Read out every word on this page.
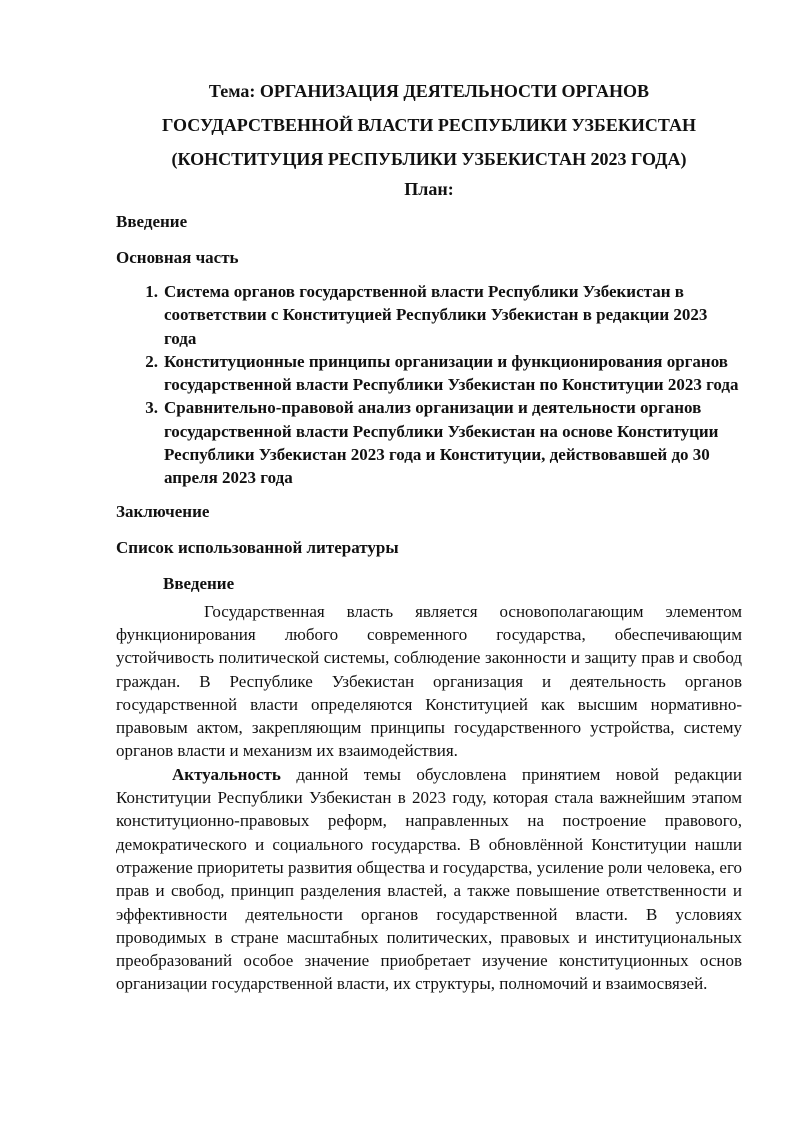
Тема: ОРГАНИЗАЦИЯ ДЕЯТЕЛЬНОСТИ ОРГАНОВ

ГОСУДАРСТВЕННОЙ ВЛАСТИ РЕСПУБЛИКИ УЗБЕКИСТАН

(КОНСТИТУЦИЯ РЕСПУБЛИКИ УЗБЕКИСТАН 2023 ГОДА)

План:

Введение

Основная часть

1. Система органов государственной власти Республики Узбекистан в соответствии с Конституцией Республики Узбекистан в редакции 2023 года
2. Конституционные принципы организации и функционирования органов государственной власти Республики Узбекистан по Конституции 2023 года
3. Сравнительно-правовой анализ организации и деятельности органов государственной власти Республики Узбекистан на основе Конституции Республики Узбекистан 2023 года и Конституции, действовавшей до 30 апреля 2023 года

Заключение

Список использованной литературы

Введение

Государственная власть является основополагающим элементом функционирования любого современного государства, обеспечивающим устойчивость политической системы, соблюдение законности и защиту прав и свобод граждан. В Республике Узбекистан организация и деятельность органов государственной власти определяются Конституцией как высшим нормативно-правовым актом, закрепляющим принципы государственного устройства, систему органов власти и механизм их взаимодействия.

Актуальность данной темы обусловлена принятием новой редакции Конституции Республики Узбекистан в 2023 году, которая стала важнейшим этапом конституционно-правовых реформ, направленных на построение правового, демократического и социального государства. В обновлённой Конституции нашли отражение приоритеты развития общества и государства, усиление роли человека, его прав и свобод, принцип разделения властей, а также повышение ответственности и эффективности деятельности органов государственной власти. В условиях проводимых в стране масштабных политических, правовых и институциональных преобразований особое значение приобретает изучение конституционных основ организации государственной власти, их структуры, полномочий и взаимосвязей.
